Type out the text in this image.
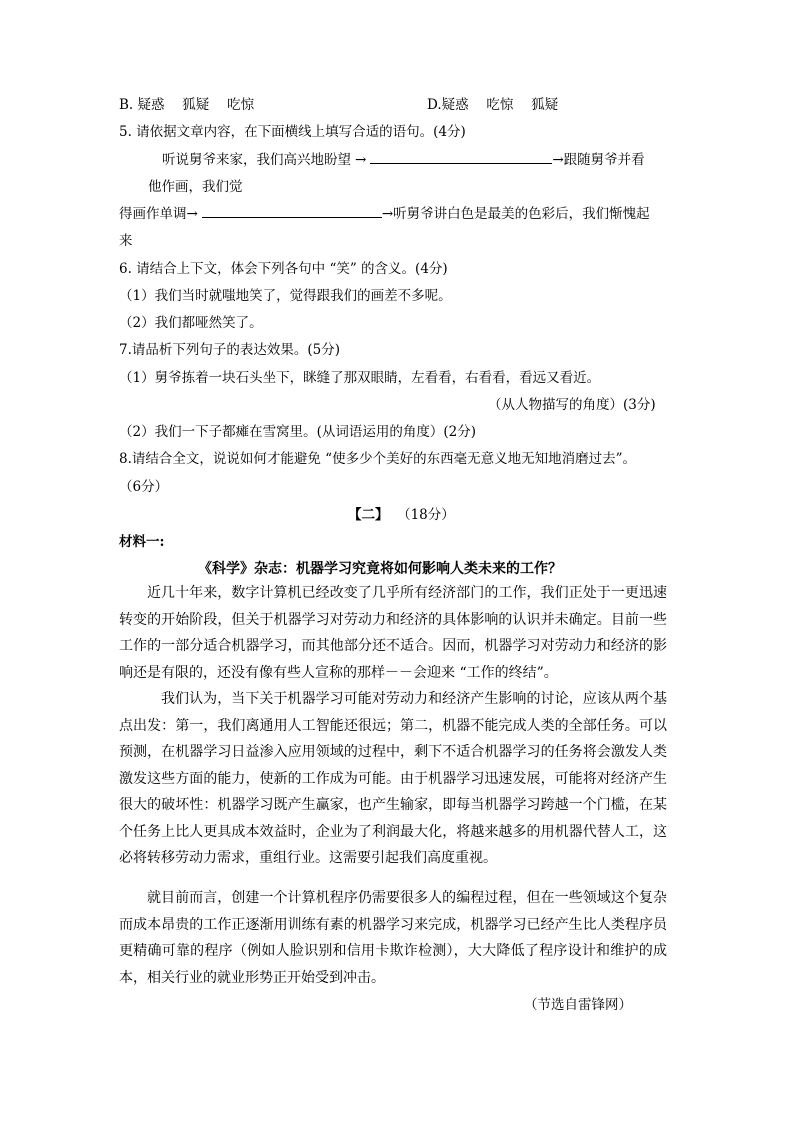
B. 疑惑　 狐疑　 吃惊	D.疑惑　 吃惊　 狐疑
5. 请依据文章内容，在下面横线上填写合适的语句。(4分)
听说舅爷来家，我们高兴地盼望 →	→跟随舅爷并看
他作画，我们觉
得画作单调→	→听舅爷讲白色是最美的色彩后，我们惭愧起
来
6. 请结合上下文，体会下列各句中 “笑” 的含义。(4分)
（1）我们当时就嗤地笑了，觉得跟我们的画差不多呢。
（2）我们都哑然笑了。
7.请品析下列句子的表达效果。(5分)
（1）舅爷拣着一块石头坐下，眯缝了那双眼睛，左看看，右看看，看远又看近。
（从人物描写的角度）(3分)
（2）我们一下子都瘫在雪窝里。(从词语运用的角度）(2分)
8.请结合全文，说说如何才能避免 “使多少个美好的东西毫无意义地无知地消磨过去”。
（6分）
【二】 （18分）
材料一:
《科学》杂志：机器学习究竟将如何影响人类未来的工作？
近几十年来，数字计算机已经改变了几乎所有经济部门的工作，我们正处于一更迅速转变的开始阶段，但关于机器学习对劳动力和经济的具体影响的认识并未确定。目前一些工作的一部分适合机器学习，而其他部分还不适合。因而，机器学习对劳动力和经济的影响还是有限的，还没有像有些人宣称的那样－－会迎来 “工作的终结”。
我们认为，当下关于机器学习可能对劳动力和经济产生影响的讨论，应该从两个基点出发：第一，我们离通用人工智能还很远；第二，机器不能完成人类的全部任务。可以预测，在机器学习日益渗入应用领域的过程中，剩下不适合机器学习的任务将会激发人类激发这些方面的能力，使新的工作成为可能。由于机器学习迅速发展，可能将对经济产生很大的破坏性：机器学习既产生赢家，也产生输家，即每当机器学习跨越一个门槛，在某个任务上比人更具成本效益时，企业为了利润最大化，将越来越多的用机器代替人工，这必将转移劳动力需求，重组行业。这需要引起我们高度重视。
就目前而言，创建一个计算机程序仍需要很多人的编程过程，但在一些领域这个复杂而成本昂贵的工作正逐渐用训练有素的机器学习来完成，机器学习已经产生比人类程序员更精确可靠的程序（例如人脸识别和信用卡欺诈检测），大大降低了程序设计和维护的成本，相关行业的就业形势正开始受到冲击。
（节选自雷锋网）
